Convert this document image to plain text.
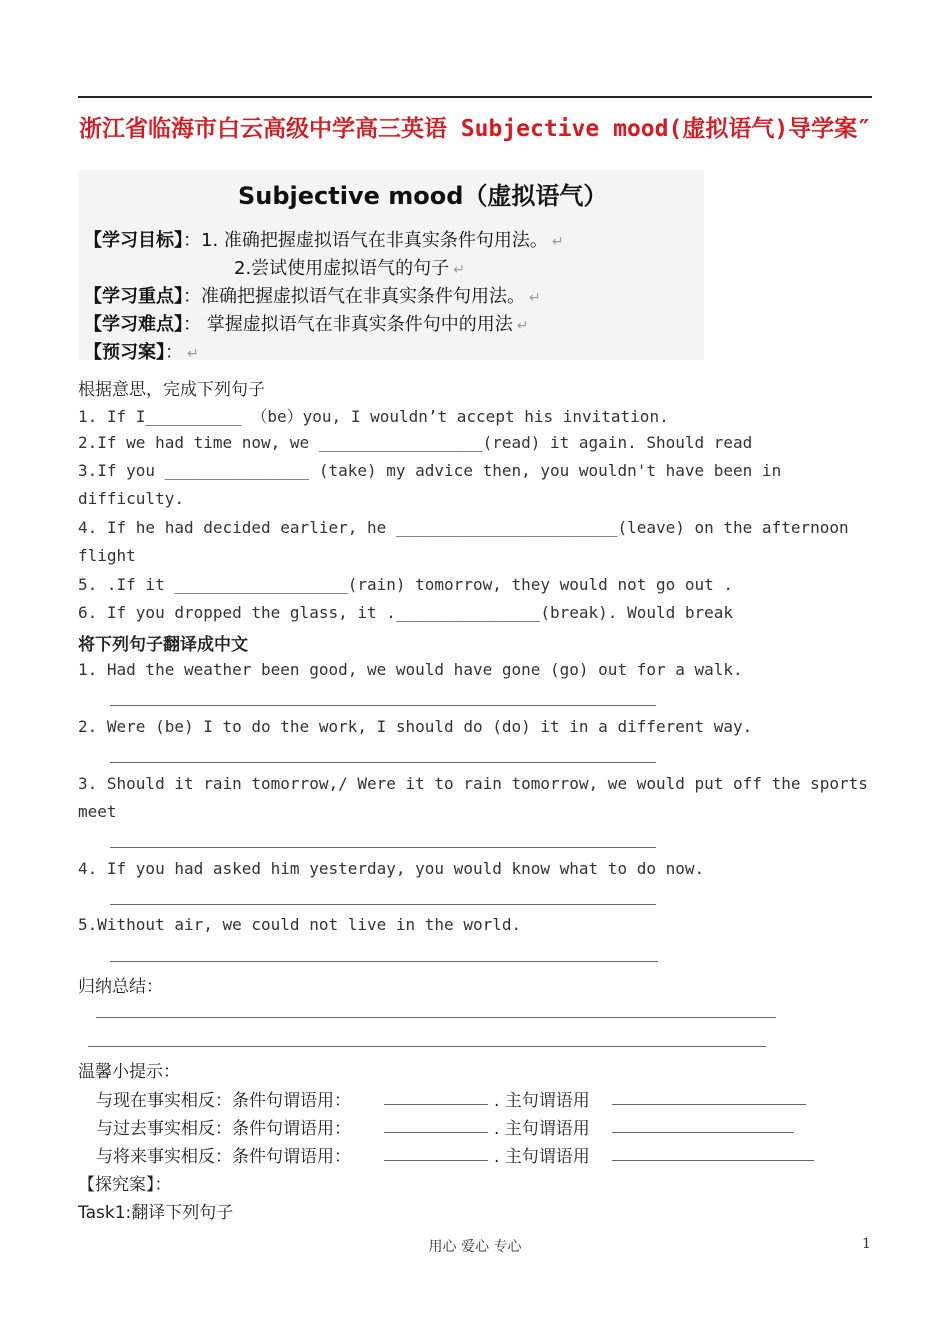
浙江省临海市白云高级中学高三英语 Subjective mood(虚拟语气)导学案″
Subjective mood（虚拟语气）
【学习目标】：1. 准确把握虚拟语气在非真实条件句用法。 ↵
2.尝试使用虚拟语气的句子 ↵
【学习重点】：准确把握虚拟语气在非真实条件句用法。 ↵
【学习难点】： 掌握虚拟语气在非真实条件句中的用法 ↵
【预习案】： ↵
根据意思，完成下列句子
1. If I__________ （be）you, I wouldn’t accept his invitation.
2.If we had time now, we _________________(read) it again. Should read
3.If you _______________ (take) my advice then, you wouldn't have been in
difficulty.
4. If he had decided earlier, he _______________________(leave) on the afternoon
flight
5. .If it __________________(rain) tomorrow, they would not go out .
6. If you dropped the glass, it ._______________(break). Would break
将下列句子翻译成中文
1. Had the weather been good, we would have gone (go) out for a walk.
2. Were (be) I to do the work, I should do (do) it in a different way.
3. Should it rain tomorrow,/ Were it to rain tomorrow, we would put off the sports
meet
4. If you had asked him yesterday, you would know what to do now.
5.Without air, we could not live in the world.
归纳总结：
温馨小提示：
与现在事实相反：条件句谓语用：	. 主句谓语用
与过去事实相反：条件句谓语用：	. 主句谓语用
与将来事实相反：条件句谓语用：	. 主句谓语用
【探究案】：
Task1:翻译下列句子
用心 爱心 专心	1
